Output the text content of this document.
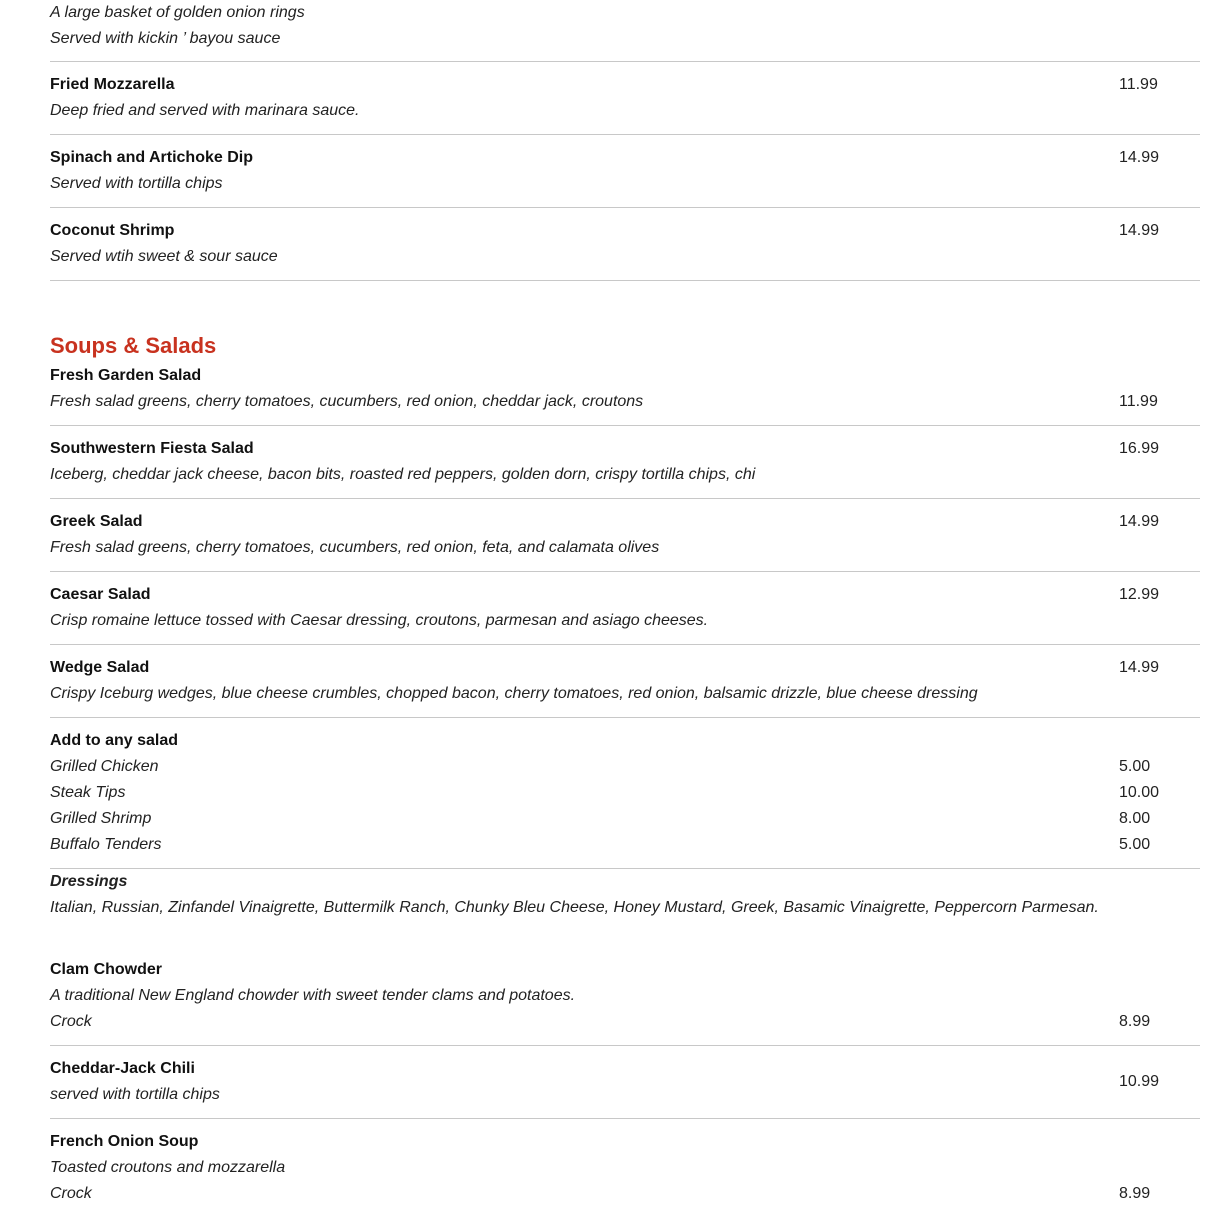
A large basket of golden onion rings
Served with kickin ’ bayou sauce
Fried Mozzarella
Deep fried and served with marinara sauce.
11.99
Spinach and Artichoke Dip
Served with tortilla chips
14.99
Coconut Shrimp
Served wtih sweet & sour sauce
14.99
Soups & Salads
Fresh Garden Salad
Fresh salad greens, cherry tomatoes, cucumbers, red onion, cheddar jack, croutons	11.99
Southwestern Fiesta Salad
Iceberg, cheddar jack cheese, bacon bits, roasted red peppers, golden dorn, crispy tortilla chips, chi
16.99
Greek Salad
Fresh salad greens, cherry tomatoes, cucumbers, red onion, feta, and calamata olives
14.99
Caesar Salad
Crisp romaine lettuce tossed with Caesar dressing, croutons, parmesan and asiago cheeses.
12.99
Wedge Salad
Crispy Iceburg wedges, blue cheese crumbles, chopped bacon, cherry tomatoes, red onion, balsamic drizzle, blue cheese dressing
14.99
Add to any salad
Grilled Chicken	5.00
Steak Tips	10.00
Grilled Shrimp	8.00
Buffalo Tenders	5.00
Dressings
Italian, Russian, Zinfandel Vinaigrette, Buttermilk Ranch, Chunky Bleu Cheese, Honey Mustard, Greek, Basamic Vinaigrette, Peppercorn Parmesan.
Clam Chowder
A traditional New England chowder with sweet tender clams and potatoes.
Crock	8.99
Cheddar-Jack Chili
served with tortilla chips
10.99
French Onion Soup
Toasted croutons and mozzarella
Crock	8.99
